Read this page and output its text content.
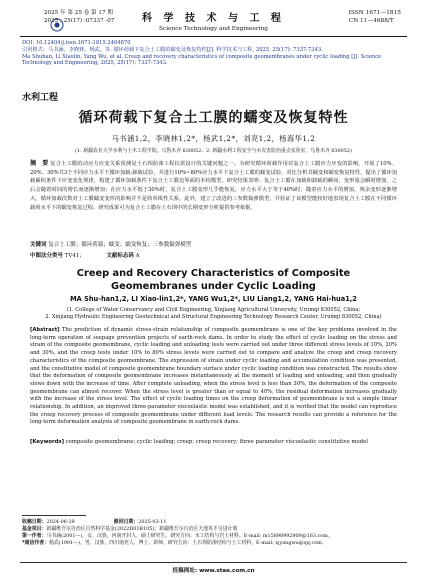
2025 年 第 25 卷 第 17 期
2025 , 25(17) :07337 -07	科 学 技 术 与 工 程
Science Technology and Engineering
ISSN 1671—1815
CN 11—4688/T
DOI: 10.12404/j.issn.1671-1815.2404870
引用格式：马书涵，李晓林，杨武，等. 循环荷载下复合土工膜的蠕变及恢复特性[J]. 科学技术与工程, 2025, 25(17): 7337-7343.
Ma Shuhan, Li Xiaolin, Yang Wu, et al. Creep and recovery characteristics of composite geomembranes under cyclic loading [J]. Science Technology and Engineering, 2025, 25(17): 7337-7343.
水利工程
循环荷载下复合土工膜的蠕变及恢复特性
马书涵1,2，李晓林1,2*，杨武1,2*，刘亮1,2，杨海华1,2
(1. 新疆农业大学水利与土木工程学院，乌鲁木齐 830052；2. 新疆水利工程安全与水灾害防治重点实验室，乌鲁木齐 830052)
摘　要 复合土工膜的动应力应变关系预测是土石坝防渗工程抗震设计的关键问题之一。为研究循环荷载作用对复合土工膜应力应变的影响，开展了10%、20%、30%共3个不同应力水平下循环加载-卸载试验，并进行10%~80%应力水平下复合土工膜的蠕变试验，对比分析其蠕变和蠕变恢复特性，提出了循环加载累积条件下应变变化规律，构建了循环加载条件下复合土工膜边界面的本构模型。研究结果表明：复合土工膜在加载和卸载的瞬间，变形量会瞬时增加，之后会随着时间的增长而逐渐增加；在应力水平低于30%时，复合土工膜变形几乎能恢复，应力水平大于等于40%时，随着应力水平的增加，残余变形逐渐增大。循环加载次数对土工膜蠕变变形的影响并不是简单线性关系，此外，建立了改进的三参数黏弹模型，并验证了该模型能较好地表现复合土工膜在不同循环载荷水平下的蠕变恢复过程。研究成果可为复合土工膜在土石坝中的长期变形分析提供参考依据。
关键词 复合土工膜；循环荷载；蠕变；蠕变恢复；三参数黏弹模型
中图法分类号 TV41；	文献标志码 A
Creep and Recovery Characteristics of Composite
Geomembranes under Cyclic Loading
MA Shu-han1,2, LI Xiao-lin1,2*, YANG Wu1,2*, LIU Liang1,2, YANG Hai-hua1,2
(1. College of Water Conservancy and Civil Engineering, Xinjiang Agricultural University, Urumqi 830052, China;
2. Xinjiang Hydraulic Engineering Geotechnical and Structural Engineering Technology Research Center, Urumqi 830052, China)
[Abstract] The prediction of dynamic stress-strain relationship of composite geomembrane is one of the key problems involved in the long-term operation of seepage prevention projects of earth-rock dams. In order to study the effect of cyclic loading on the stress and strain of the composite geomembrane, cyclic loading and unloading tests were carried out under three different stress levels of 10%, 20% and 30%, and the creep tests under 10% to 80% stress levels were carried out to compare and analyze the creep and creep recovery characteristics of the composite geomembrane. The expression of strain under cyclic loading and accumulation condition was presented, and the constitutive model of composite geomembrane boundary surface under cyclic loading condition was constructed. The results show that the deformation of composite geomembrane increases instantaneously at the moment of loading and unloading, and then gradually slows down with the increase of time. After complete unloading, when the stress level is less than 30%, the deformation of the composite geomembrane can almost recover. When the stress level is greater than or equal to 40%, the residual deformation increases gradually with the increase of the stress level. The effect of cyclic loading times on the creep deformation of geomembrane is not a simple linear relationship. In addition, an improved three-parameter viscoelastic model was established, and it is verified that the model can reproduce the creep recovery process of composite geomembrane under different load levels. The research results can provide a reference for the long-term deformation analysis of composite geomembrane in earth-rock dams.
[Keywords] composite geomembrane; cyclic loading; creep; creep recovery; three parameter viscoelastic constitutive model
收稿日期：2024-06-29	修回日期：2025-03-11
基金项目：新疆维吾尔自治区自然科学基金(2022D01B105)；新疆维吾尔自治区天池英才引进计划
第一作者：马书涵(2001—)，女，汉族，河南开封人，硕士研究生。研究方向：水工结构与岩土材料。E-mail: m15898992909@163.com。
*通信作者：杨武(1991—)，男，汉族，四川南充人，博士，讲师。研究方向：土石坝防渗结构与土工材料。E-mail: xjyangwu@qq.com。
投稿网址: www.stae.com.cn
